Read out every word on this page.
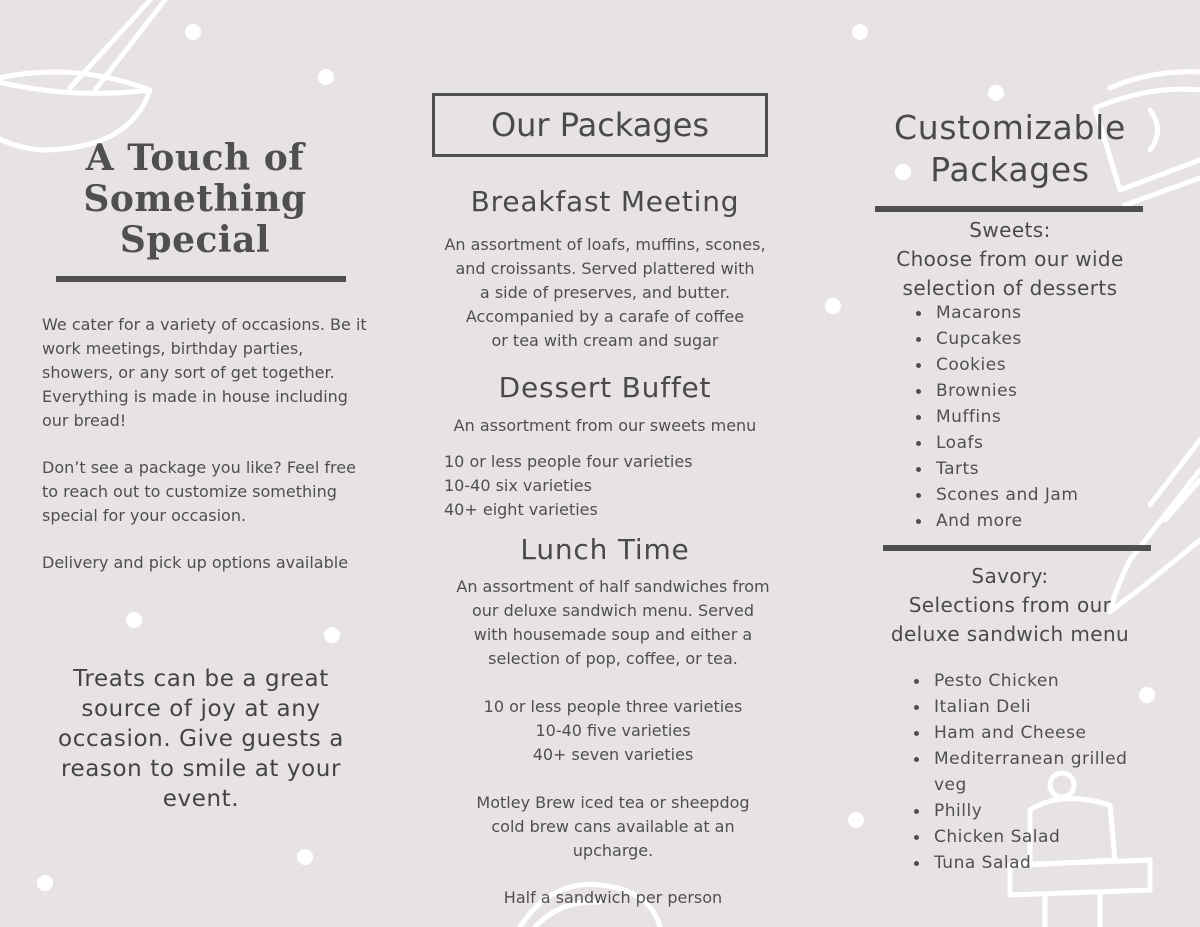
A Touch of
Something
Special

We cater for a variety of occasions. Be it work meetings, birthday parties, showers, or any sort of get together. Everything is made in house including our bread!

Don’t see a package you like? Feel free to reach out to customize something special for your occasion.

Delivery and pick up options available

Treats can be a great source of joy at any occasion. Give guests a reason to smile at your event.
Our Packages
Breakfast Meeting
An assortment of loafs, muffins, scones,
and croissants. Served plattered with
a side of preserves, and butter.
Accompanied by a carafe of coffee
or tea with cream and sugar
Dessert Buffet
An assortment from our sweets menu
10 or less people four varieties
10-40 six varieties
40+ eight varieties
Lunch Time
An assortment of half sandwiches from
our deluxe sandwich menu. Served
with housemade soup and either a
selection of pop, coffee, or tea.
10 or less people three varieties
10-40 five varieties
40+ seven varieties
Motley Brew iced tea or sheepdog
cold brew cans available at an
upcharge.
Half a sandwich per person
Customizable
Packages
Sweets:
Choose from our wide
selection of desserts
Macarons
Cupcakes
Cookies
Brownies
Muffins
Loafs
Tarts
Scones and Jam
And more
Savory:
Selections from our
deluxe sandwich menu
Pesto Chicken
Italian Deli
Ham and Cheese
Mediterranean grilled veg
Philly
Chicken Salad
Tuna Salad
